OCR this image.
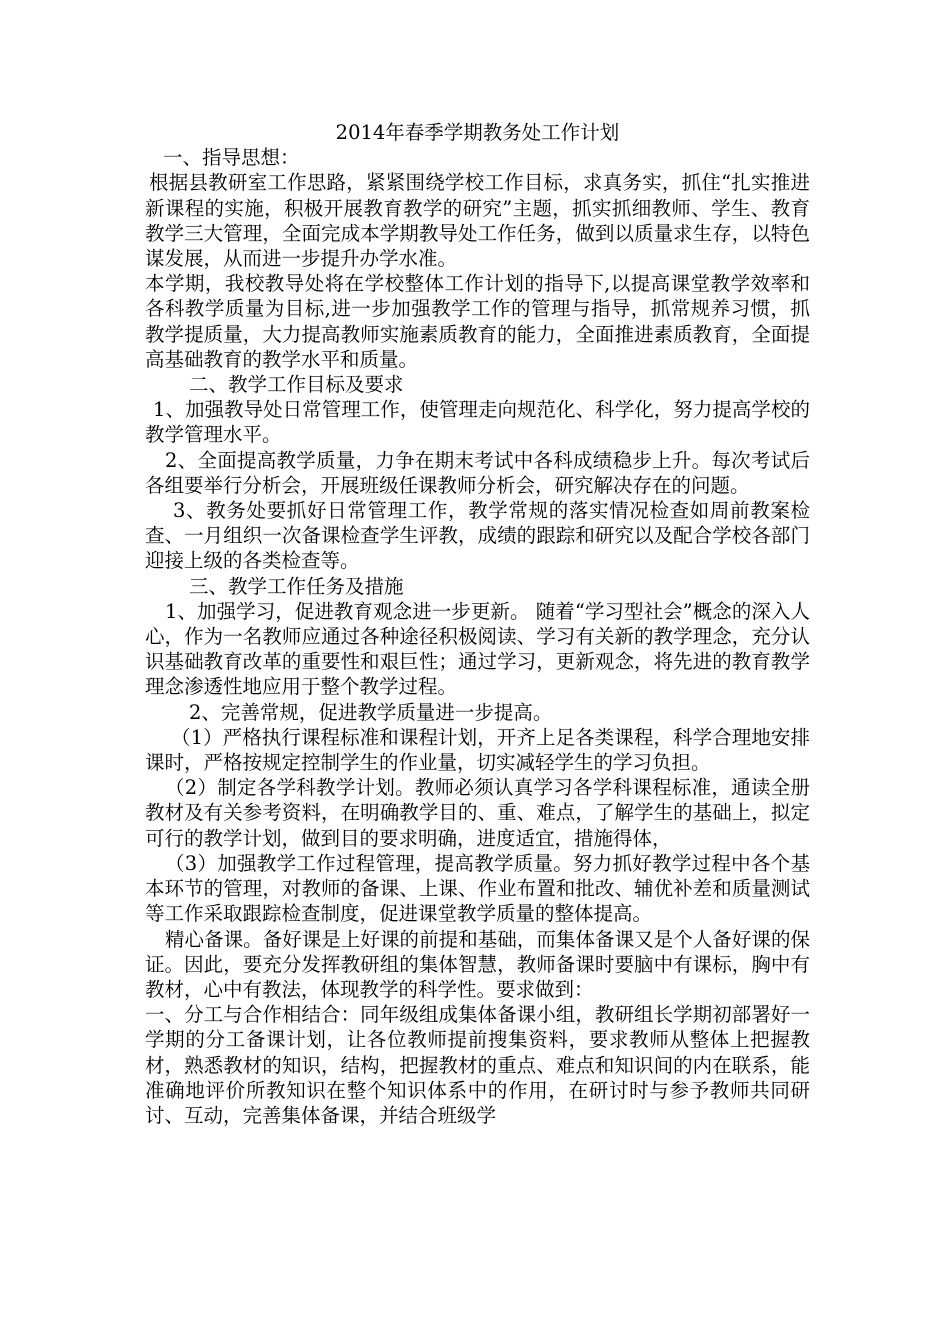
2014年春季学期教务处工作计划

一、指导思想：

根据县教研室工作思路，紧紧围绕学校工作目标，求真务实，抓住“扎实推进新课程的实施，积极开展教育教学的研究”主题，抓实抓细教师、学生、教育教学三大管理，全面完成本学期教导处工作任务，做到以质量求生存，以特色谋发展，从而进一步提升办学水准。

本学期，我校教导处将在学校整体工作计划的指导下,以提高课堂教学效率和各科教学质量为目标,进一步加强教学工作的管理与指导，抓常规养习惯，抓教学提质量，大力提高教师实施素质教育的能力，全面推进素质教育，全面提高基础教育的教学水平和质量。

二、教学工作目标及要求

1、加强教导处日常管理工作，使管理走向规范化、科学化，努力提高学校的教学管理水平。

2、全面提高教学质量，力争在期末考试中各科成绩稳步上升。每次考试后各组要举行分析会，开展班级任课教师分析会，研究解决存在的问题。

3、教务处要抓好日常管理工作，教学常规的落实情况检查如周前教案检查、一月组织一次备课检查学生评教，成绩的跟踪和研究以及配合学校各部门迎接上级的各类检查等。

三、教学工作任务及措施

1、加强学习，促进教育观念进一步更新。 随着“学习型社会”概念的深入人心，作为一名教师应通过各种途径积极阅读、学习有关新的教学理念，充分认识基础教育改革的重要性和艰巨性；通过学习，更新观念，将先进的教育教学理念渗透性地应用于整个教学过程。

2、完善常规，促进教学质量进一步提高。

（1）严格执行课程标准和课程计划，开齐上足各类课程，科学合理地安排课时，严格按规定控制学生的作业量，切实减轻学生的学习负担。

（2）制定各学科教学计划。教师必须认真学习各学科课程标准，通读全册教材及有关参考资料，在明确教学目的、重、难点，了解学生的基础上，拟定可行的教学计划，做到目的要求明确，进度适宜，措施得体，

（3）加强教学工作过程管理，提高教学质量。努力抓好教学过程中各个基本环节的管理，对教师的备课、上课、作业布置和批改、辅优补差和质量测试等工作采取跟踪检查制度，促进课堂教学质量的整体提高。

精心备课。备好课是上好课的前提和基础，而集体备课又是个人备好课的保证。因此，要充分发挥教研组的集体智慧，教师备课时要脑中有课标，胸中有教材，心中有教法，体现教学的科学性。要求做到：

一、分工与合作相结合：同年级组成集体备课小组，教研组长学期初部署好一学期的分工备课计划，让各位教师提前搜集资料，要求教师从整体上把握教材，熟悉教材的知识，结构，把握教材的重点、难点和知识间的内在联系，能准确地评价所教知识在整个知识体系中的作用，在研讨时与参予教师共同研讨、互动，完善集体备课，并结合班级学
